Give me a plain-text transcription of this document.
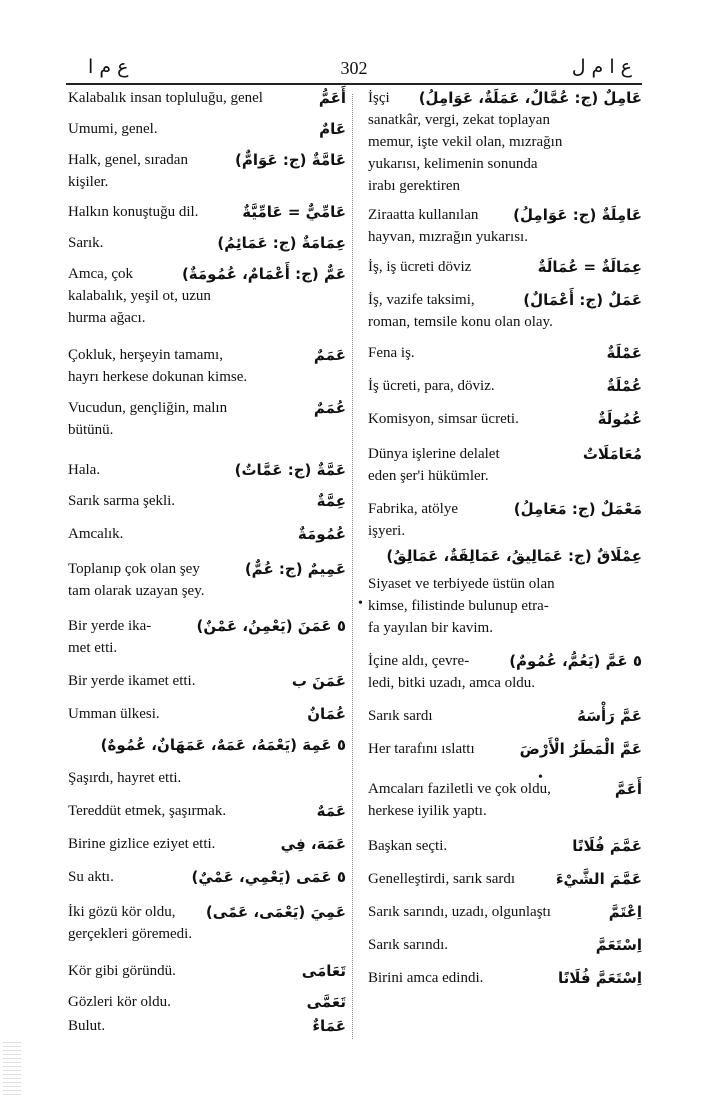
ع م ا	302	ع ا م ل
Kalabalık insan topluluğu, genel	أَعَمُّ
Umumi, genel.	عَامٌ
Halk, genel, sıradan	عَامَّةٌ (ج: عَوَامٌّ)
kişiler.
Halkın konuştuğu dil.	عَامِّيٌّ = عَامِّيَّةٌ
Sarık.	عِمَامَةٌ (ج: عَمَائِمُ)
Amca, çok	عَمٌّ (ج: أَعْمَامٌ، عُمُومَةٌ)
kalabalık, yeşil ot, uzun
hurma ağacı.
Çokluk, herşeyin tamamı,	عَمَمٌ
hayrı herkese dokunan kimse.
Vucudun, gençliğin, malın	عُمَمٌ
bütünü.
Hala.	عَمَّةٌ (ج: عَمَّاتٌ)
Sarık sarma şekli.	عِمَّةٌ
Amcalık.	عُمُومَةٌ
Toplanıp çok olan şey	عَمِيمٌ (ج: عُمٌّ)
tam olarak uzayan şey.
Bir yerde ika-	٥ عَمَنَ (يَعْمِنُ، عَمْنٌ)
met etti.
Bir yerde ikamet etti.	عَمَنَ ب
Umman ülkesi.	عُمَانٌ
٥ عَمِهَ (يَعْمَهُ، عَمَهٌ، عَمَهَانٌ، عُمُوهٌ)
Şaşırdı, hayret etti.
Tereddüt etmek, şaşırmak.	عَمَهٌ
Birine gizlice eziyet etti.	عَمَهَ، فِي
Su aktı.	٥ عَمَى (يَعْمِي، عَمْيٌ)
İki gözü kör oldu,	عَمِيَ (يَعْمَى، عَمًى)
gerçekleri göremedi.
Kör gibi göründü.	تَعَامَى
Gözleri kör oldu.	تَعَمَّى
Bulut.	عَمَاءٌ
İşçi	عَامِلٌ (ج: عُمَّالٌ، عَمَلَةٌ، عَوَامِلُ)
sanatkâr, vergi, zekat toplayan
memur, işte vekil olan, mızrağın
yukarısı, kelimenin sonunda
irabı gerektiren
Ziraatta kullanılan	عَامِلَةٌ (ج: عَوَامِلُ)
hayvan, mızrağın yukarısı.
İş, iş ücreti döviz	عِمَالَةٌ = عُمَالَةٌ
İş, vazife taksimi,	عَمَلٌ (ج: أَعْمَالٌ)
roman, temsile konu olan olay.
Fena iş.	عَمْلَةٌ
İş ücreti, para, döviz.	عُمْلَةٌ
Komisyon, simsar ücreti.	عُمُولَةٌ
Dünya işlerine delalet	مُعَامَلَاتٌ
eden şer'i hükümler.
Fabrika, atölye	مَعْمَلٌ (ج: مَعَامِلُ)
işyeri.
عِمْلَاقٌ (ج: عَمَالِيقُ، عَمَالِقَةٌ، عَمَالِقُ)
Siyaset ve terbiyede üstün olan
kimse, filistinde bulunup etra-
fa yayılan bir kavim.
İçine aldı, çevre-	٥ عَمَّ (يَعُمُّ، عُمُومٌ)
ledi, bitki uzadı, amca oldu.
Sarık sardı	عَمَّ رَأْسَهُ
Her tarafını ıslattı	عَمَّ الْمَطَرُ الْأَرْضَ
Amcaları faziletli ve çok oldu,	أَعَمَّ
herkese iyilik yaptı.
Başkan seçti.	عَمَّمَ فُلَانًا
Genelleştirdi, sarık sardı	عَمَّمَ الشَّيْءَ
Sarık sarındı, uzadı, olgunlaştı	اِعْتَمَّ
Sarık sarındı.	اِسْتَعَمَّ
Birini amca edindi.	اِسْتَعَمَّ فُلَانًا
•
•
